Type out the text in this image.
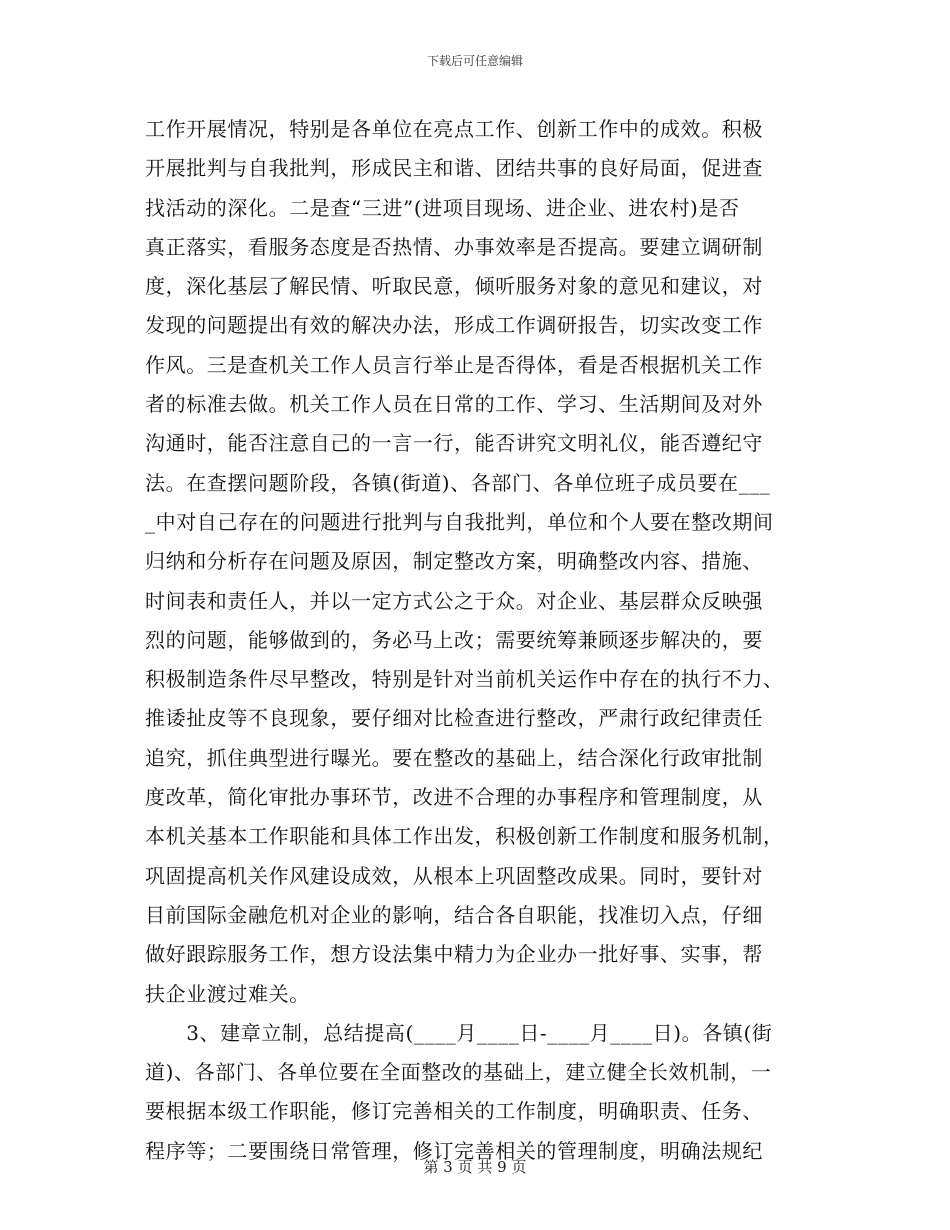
下载后可任意编辑
工作开展情况，特别是各单位在亮点工作、创新工作中的成效。积极
开展批判与自我批判，形成民主和谐、团结共事的良好局面，促进查
找活动的深化。二是查“三进”(进项目现场、进企业、进农村)是否
真正落实，看服务态度是否热情、办事效率是否提高。要建立调研制
度，深化基层了解民情、听取民意，倾听服务对象的意见和建议，对
发现的问题提出有效的解决办法，形成工作调研报告，切实改变工作
作风。三是查机关工作人员言行举止是否得体，看是否根据机关工作
者的标准去做。机关工作人员在日常的工作、学习、生活期间及对外
沟通时，能否注意自己的一言一行，能否讲究文明礼仪，能否遵纪守
法。在查摆问题阶段，各镇(街道)、各部门、各单位班子成员要在___
_中对自己存在的问题进行批判与自我批判，单位和个人要在整改期间
归纳和分析存在问题及原因，制定整改方案，明确整改内容、措施、
时间表和责任人，并以一定方式公之于众。对企业、基层群众反映强
烈的问题，能够做到的，务必马上改；需要统筹兼顾逐步解决的，要
积极制造条件尽早整改，特别是针对当前机关运作中存在的执行不力、
推诿扯皮等不良现象，要仔细对比检查进行整改，严肃行政纪律责任
追究，抓住典型进行曝光。要在整改的基础上，结合深化行政审批制
度改革，简化审批办事环节，改进不合理的办事程序和管理制度，从
本机关基本工作职能和具体工作出发，积极创新工作制度和服务机制，
巩固提高机关作风建设成效，从根本上巩固整改成果。同时，要针对
目前国际金融危机对企业的影响，结合各自职能，找准切入点，仔细
做好跟踪服务工作，想方设法集中精力为企业办一批好事、实事，帮
扶企业渡过难关。
　　3、建章立制，总结提高(____月____日-____月____日)。各镇(街
道)、各部门、各单位要在全面整改的基础上，建立健全长效机制，一
要根据本级工作职能，修订完善相关的工作制度，明确职责、任务、
程序等；二要围绕日常管理，修订完善相关的管理制度，明确法规纪
第 3 页 共 9 页
